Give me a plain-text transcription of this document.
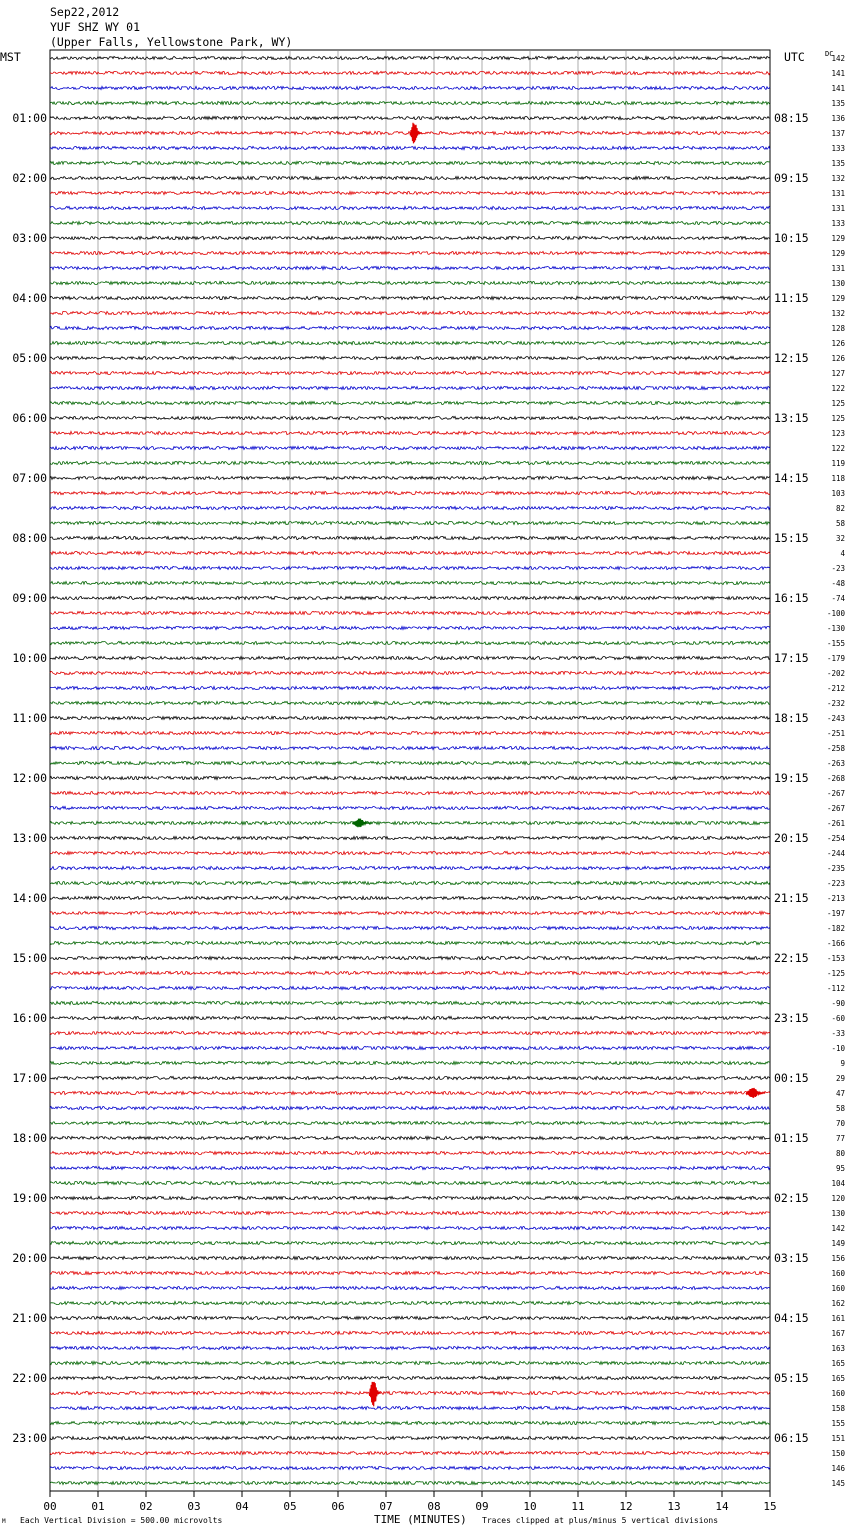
Sep22,2012
YUF SHZ WY 01
(Upper Falls, Yellowstone Park, WY)
MST	UTC	DC
00	01	02	03	04	05	06	07	08	09	10	11	12	13	14	15
142
141
141
135
136
01:00	08:15
137
133
135
132
02:00	09:15
131
131
133
129
03:00	10:15
129
131
130
129
04:00	11:15
132
128
126
126
05:00	12:15
127
122
125
125
06:00	13:15
123
122
119
118
07:00	14:15
103
82
58
32
08:00	15:15
4
-23
-48
-74
09:00	16:15
-100
-130
-155
-179
10:00	17:15
-202
-212
-232
-243
11:00	18:15
-251
-258
-263
-268
12:00	19:15
-267
-267
-261
-254
13:00	20:15
-244
-235
-223
-213
14:00	21:15
-197
-182
-166
-153
15:00	22:15
-125
-112
-90
-60
16:00	23:15
-33
-10
9
29
17:00	00:15
47
58
70
77
18:00	01:15
80
95
104
120
19:00	02:15
130
142
149
156
20:00	03:15
160
160
162
161
21:00	04:15
167
163
165
165
22:00	05:15
160
158
155
151
23:00	06:15
150
146
145
M Each Vertical Division = 500.00 microvolts	TIME (MINUTES) Traces clipped at plus/minus 5 vertical divisions
